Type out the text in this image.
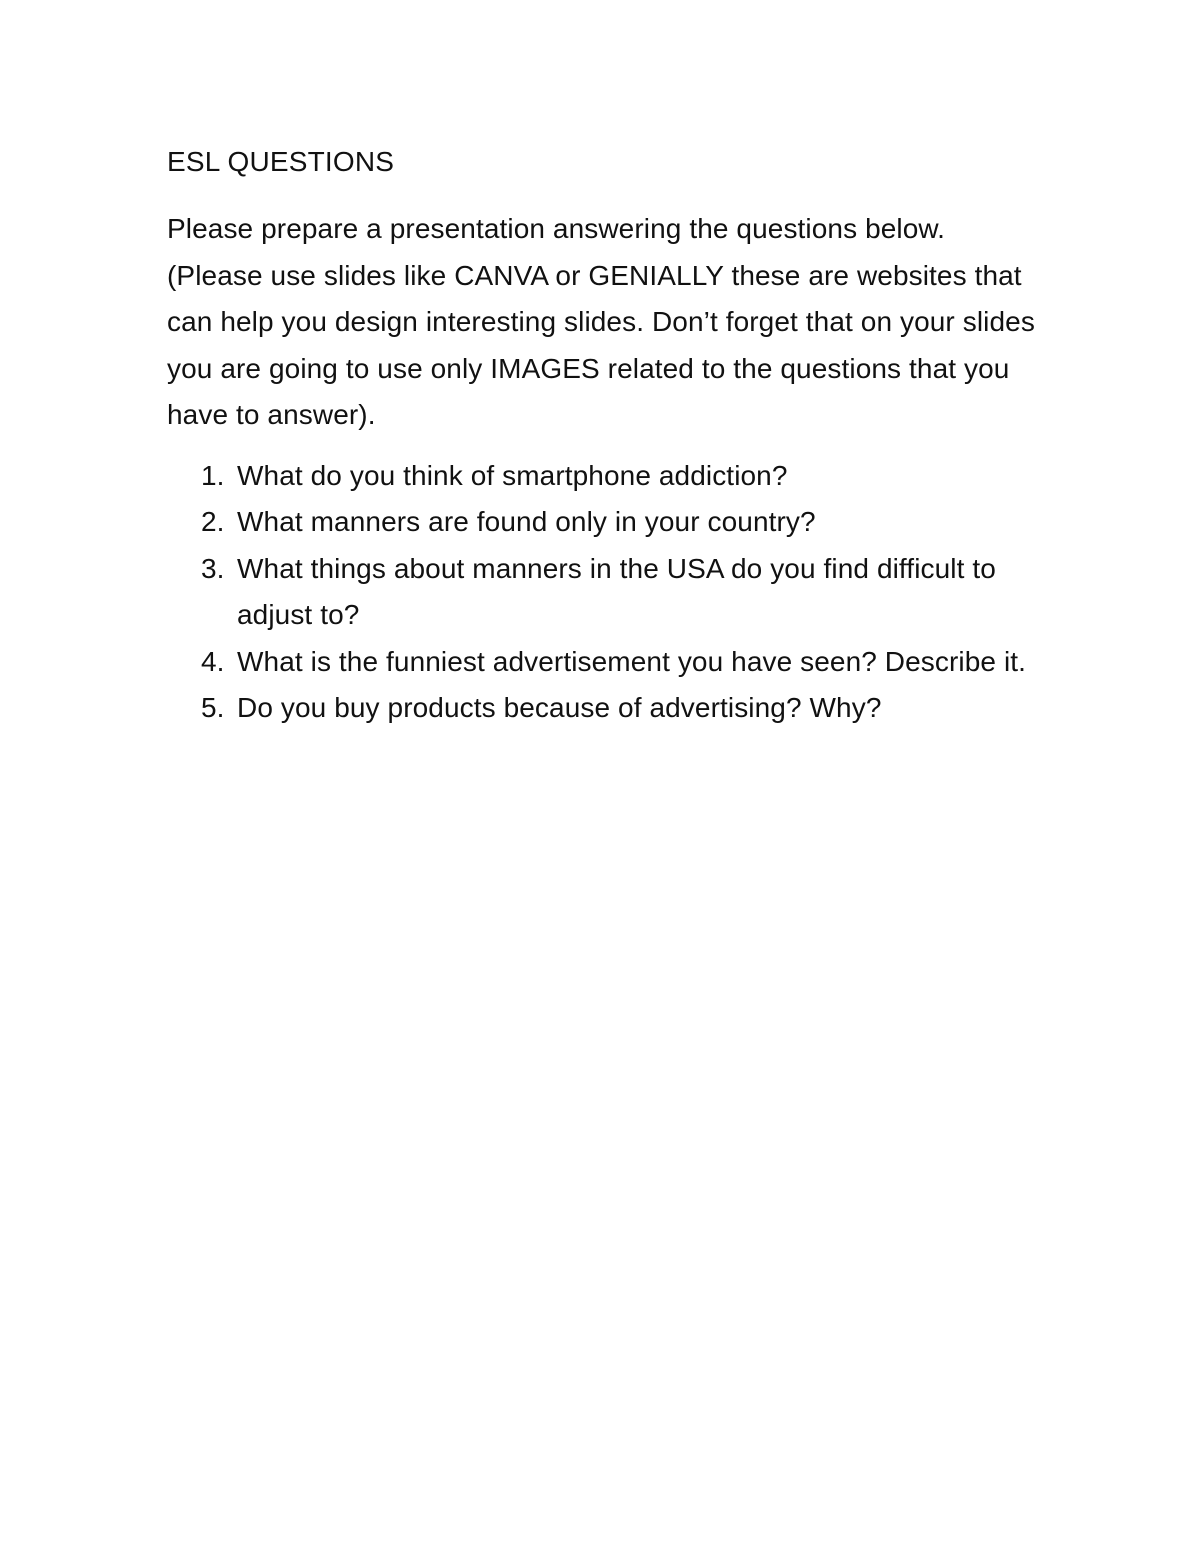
ESL QUESTIONS

Please prepare a presentation answering the questions below. (Please use slides like CANVA or GENIALLY these are websites that can help you design interesting slides. Don’t forget that on your slides you are going to use only IMAGES related to the questions that you have to answer).

1. What do you think of smartphone addiction?
2. What manners are found only in your country?
3. What things about manners in the USA do you find difficult to adjust to?
4. What is the funniest advertisement you have seen? Describe it.
5. Do you buy products because of advertising? Why?
